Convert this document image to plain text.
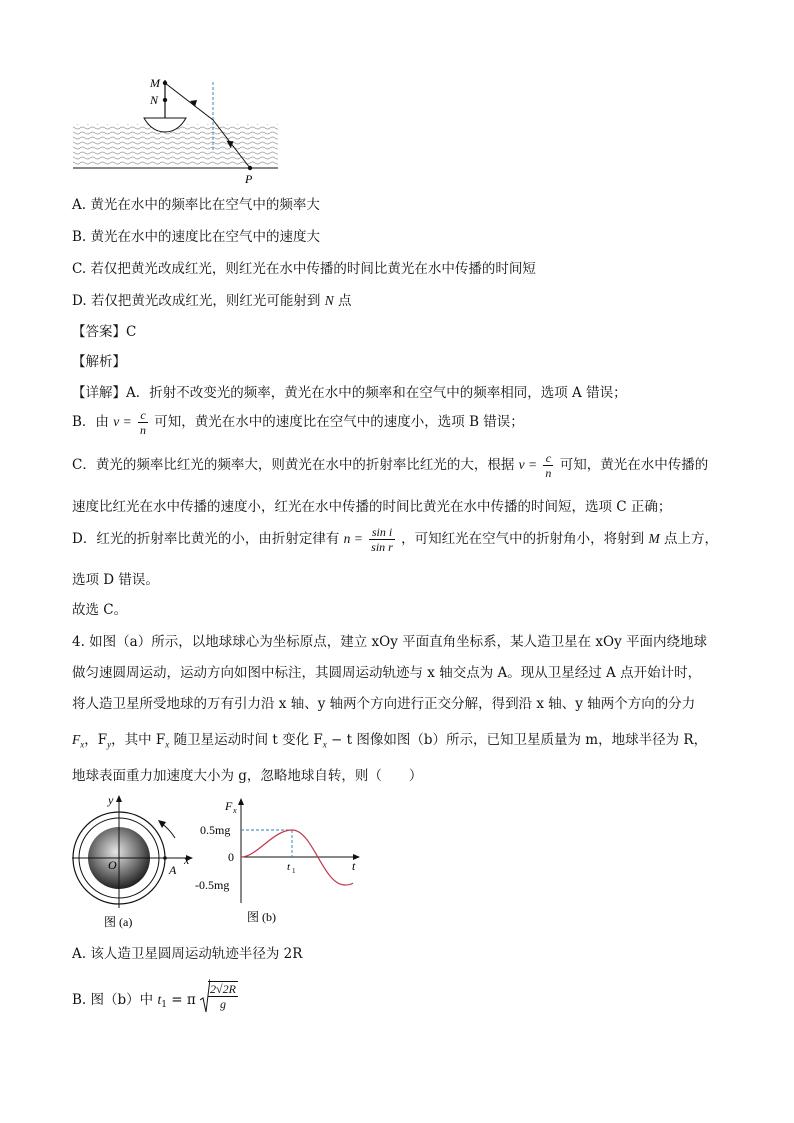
M
N
P
A. 黄光在水中的频率比在空气中的频率大
B. 黄光在水中的速度比在空气中的速度大
C. 若仅把黄光改成红光，则红光在水中传播的时间比黄光在水中传播的时间短
D. 若仅把黄光改成红光，则红光可能射到 N 点
【答案】C
【解析】
【详解】A．折射不改变光的频率，黄光在水中的频率和在空气中的频率相同，选项 A 错误；
B．由 $v = \frac{c}{n}$ 可知，黄光在水中的速度比在空气中的速度小，选项 B 错误；
C．黄光的频率比红光的频率大，则黄光在水中的折射率比红光的大，根据 $v = \frac{c}{n}$ 可知，黄光在水中传播的
速度比红光在水中传播的速度小，红光在水中传播的时间比黄光在水中传播的时间短，选项 C 正确；
D．红光的折射率比黄光的小，由折射定律有 $n = \frac{\text{sin i}}{\text{sin r}}$ ，可知红光在空气中的折射角小，将射到 M 点上方，
选项 D 错误。
故选 C。
4. 如图（a）所示，以地球球心为坐标原点，建立 xOy 平面直角坐标系，某人造卫星在 xOy 平面内绕地球
做匀速圆周运动，运动方向如图中标注，其圆周运动轨迹与 x 轴交点为 A。现从卫星经过 A 点开始计时，
将人造卫星所受地球的万有引力沿 x 轴、y 轴两个方向进行正交分解，得到沿 x 轴、y 轴两个方向的分力
$F_x$，$F_y$，其中 $F_x$ 随卫星运动时间 t 变化 $F_x - t$ 图像如图（b）所示，已知卫星质量为 m，地球半径为 R，
地球表面重力加速度大小为 g，忽略地球自转，则（　　）
y
x
O	A
图 (a)
F x
t
0.5mg
0
-0.5mg
t 1
图 (b)
A. 该人造卫星圆周运动轨迹半径为 2R
B. 图（b）中 $t_1 = \pi \frac{2√2R}{g}$
